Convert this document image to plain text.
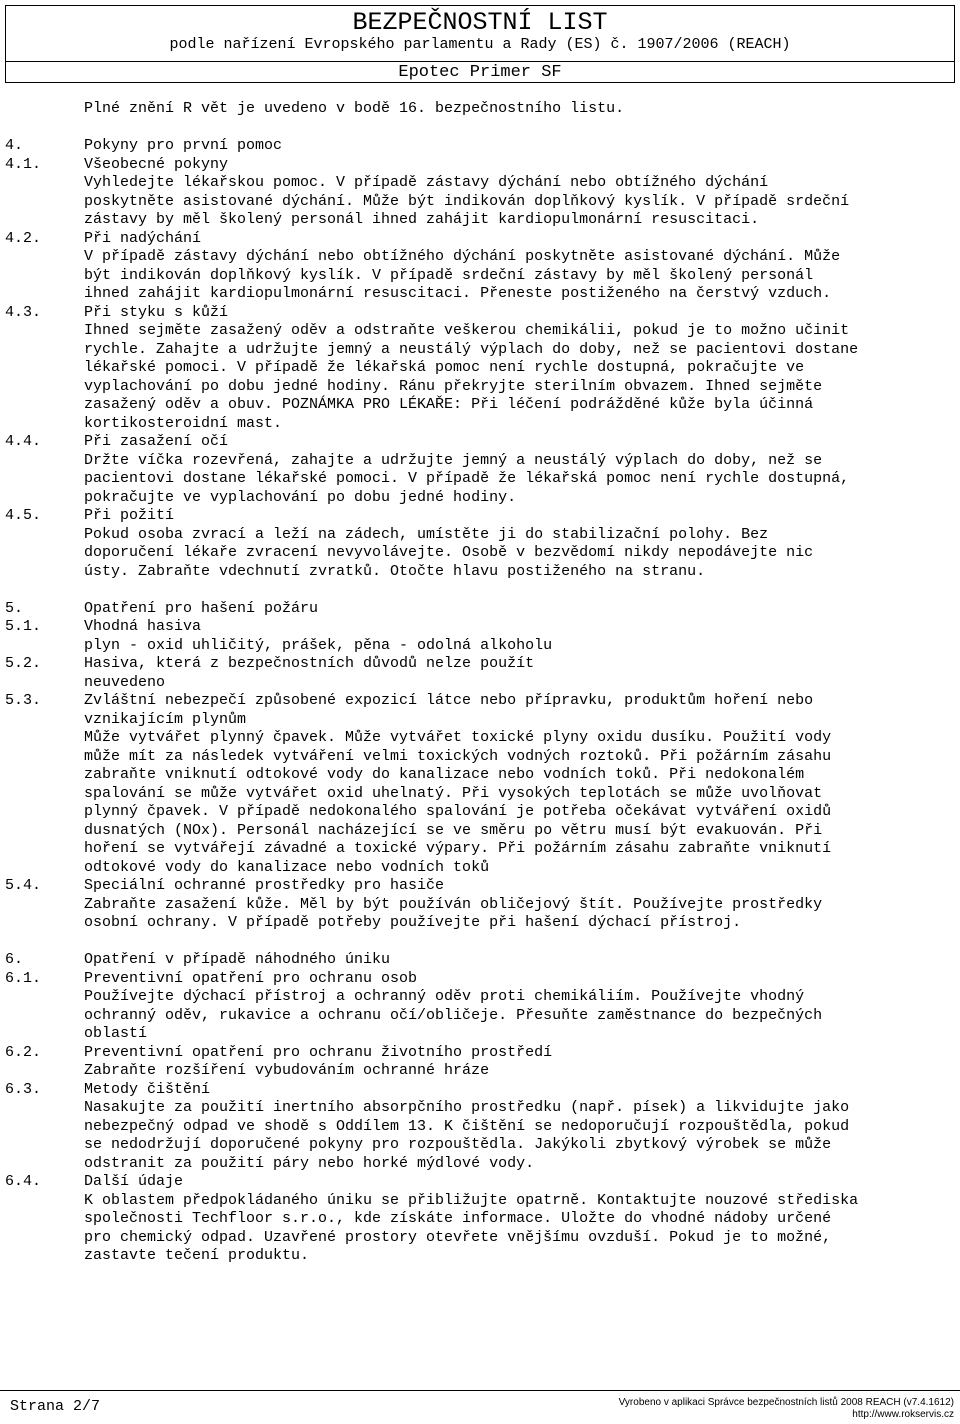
BEZPEČNOSTNÍ LIST
podle nařízení Evropského parlamentu a Rady (ES) č. 1907/2006 (REACH)
Epotec Primer SF
Plné znění R vět je uvedeno v bodě 16. bezpečnostního listu.
4.	Pokyny pro první pomoc
4.1.	Všeobecné pokyny
Vyhledejte lékařskou pomoc. V případě zástavy dýchání nebo obtížného dýchání
poskytněte asistované dýchání. Může být indikován doplňkový kyslík. V případě srdeční
zástavy by měl školený personál ihned zahájit kardiopulmonární resuscitaci.
4.2.	Při nadýchání
V případě zástavy dýchání nebo obtížného dýchání poskytněte asistované dýchání. Může
být indikován doplňkový kyslík. V případě srdeční zástavy by měl školený personál
ihned zahájit kardiopulmonární resuscitaci. Přeneste postiženého na čerstvý vzduch.
4.3.	Při styku s kůží
Ihned sejměte zasažený oděv a odstraňte veškerou chemikálii, pokud je to možno učinit
rychle. Zahajte a udržujte jemný a neustálý výplach do doby, než se pacientovi dostane
lékařské pomoci. V případě že lékařská pomoc není rychle dostupná, pokračujte ve
vyplachování po dobu jedné hodiny. Ránu překryjte sterilním obvazem. Ihned sejměte
zasažený oděv a obuv. POZNÁMKA PRO LÉKAŘE: Při léčení podrážděné kůže byla účinná
kortikosteroidní mast.
4.4.	Při zasažení očí
Držte víčka rozevřená, zahajte a udržujte jemný a neustálý výplach do doby, než se
pacientovi dostane lékařské pomoci. V případě že lékařská pomoc není rychle dostupná,
pokračujte ve vyplachování po dobu jedné hodiny.
4.5.	Při požití
Pokud osoba zvrací a leží na zádech, umístěte ji do stabilizační polohy. Bez
doporučení lékaře zvracení nevyvolávejte. Osobě v bezvědomí nikdy nepodávejte nic
ústy. Zabraňte vdechnutí zvratků. Otočte hlavu postiženého na stranu.
5.	Opatření pro hašení požáru
5.1.	Vhodná hasiva
plyn - oxid uhličitý, prášek, pěna - odolná alkoholu
5.2.	Hasiva, která z bezpečnostních důvodů nelze použít
neuvedeno
5.3.	Zvláštní nebezpečí způsobené expozicí látce nebo přípravku, produktům hoření nebo
vznikajícím plynům
Může vytvářet plynný čpavek. Může vytvářet toxické plyny oxidu dusíku. Použití vody
může mít za následek vytváření velmi toxických vodných roztoků. Při požárním zásahu
zabraňte vniknutí odtokové vody do kanalizace nebo vodních toků. Při nedokonalém
spalování se může vytvářet oxid uhelnatý. Při vysokých teplotách se může uvolňovat
plynný čpavek. V případě nedokonalého spalování je potřeba očekávat vytváření oxidů
dusnatých (NOx). Personál nacházející se ve směru po větru musí být evakuován. Při
hoření se vytvářejí závadné a toxické výpary. Při požárním zásahu zabraňte vniknutí
odtokové vody do kanalizace nebo vodních toků
5.4.	Speciální ochranné prostředky pro hasiče
Zabraňte zasažení kůže. Měl by být používán obličejový štít. Používejte prostředky
osobní ochrany. V případě potřeby používejte při hašení dýchací přístroj.
6.	Opatření v případě náhodného úniku
6.1.	Preventivní opatření pro ochranu osob
Používejte dýchací přístroj a ochranný oděv proti chemikáliím. Používejte vhodný
ochranný oděv, rukavice a ochranu očí/obličeje. Přesuňte zaměstnance do bezpečných
oblastí
6.2.	Preventivní opatření pro ochranu životního prostředí
Zabraňte rozšíření vybudováním ochranné hráze
6.3.	Metody čištění
Nasakujte za použití inertního absorpčního prostředku (např. písek) a likvidujte jako
nebezpečný odpad ve shodě s Oddílem 13. K čištění se nedoporučují rozpouštědla, pokud
se nedodržují doporučené pokyny pro rozpouštědla. Jakýkoli zbytkový výrobek se může
odstranit za použití páry nebo horké mýdlové vody.
6.4.	Další údaje
K oblastem předpokládaného úniku se přibližujte opatrně. Kontaktujte nouzové střediska
společnosti Techfloor s.r.o., kde získáte informace. Uložte do vhodné nádoby určené
pro chemický odpad. Uzavřené prostory otevřete vnějšímu ovzduší. Pokud je to možné,
zastavte tečení produktu.
Strana 2/7	Vyrobeno v aplikaci Správce bezpečnostních listů 2008 REACH (v7.4.1612)
http://www.rokservis.cz
